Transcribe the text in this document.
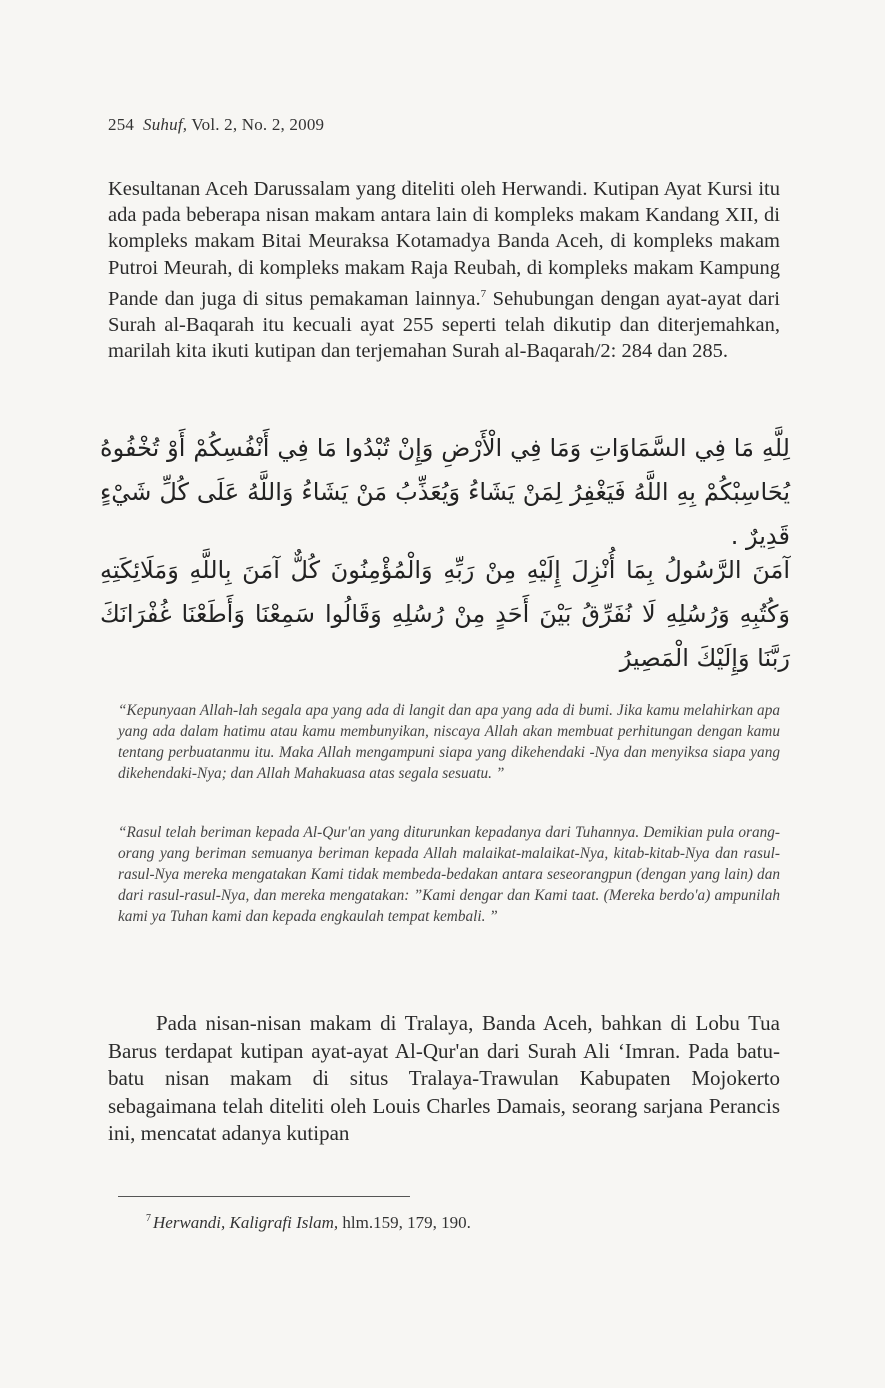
254 Suhuf, Vol. 2, No. 2, 2009
Kesultanan Aceh Darussalam yang diteliti oleh Herwandi. Kutipan Ayat Kursi itu ada pada beberapa nisan makam antara lain di kompleks makam Kandang XII, di kompleks makam Bitai Meuraksa Kotamadya Banda Aceh, di kompleks makam Putroi Meurah, di kompleks makam Raja Reubah, di kompleks makam Kampung Pande dan juga di situs pemakaman lainnya.$^7$ Sehubungan dengan ayat-ayat dari Surah al-Baqarah itu kecuali ayat 255 seperti telah dikutip dan diterjemahkan, marilah kita ikuti kutipan dan terjemahan Surah al-Baqarah/2: 284 dan 285.
لِلَّهِ مَا فِي السَّمَاوَاتِ وَمَا فِي الْأَرْضِ وَإِنْ تُبْدُوا مَا فِي أَنْفُسِكُمْ أَوْ تُخْفُوهُ يُحَاسِبْكُمْ بِهِ اللَّهُ فَيَغْفِرُ لِمَنْ يَشَاءُ وَيُعَذِّبُ مَنْ يَشَاءُ وَاللَّهُ عَلَى كُلِّ شَيْءٍ قَدِيرٌ .
آمَنَ الرَّسُولُ بِمَا أُنْزِلَ إِلَيْهِ مِنْ رَبِّهِ وَالْمُؤْمِنُونَ كُلٌّ آمَنَ بِاللَّهِ وَمَلَائِكَتِهِ وَكُتُبِهِ وَرُسُلِهِ لَا نُفَرِّقُ بَيْنَ أَحَدٍ مِنْ رُسُلِهِ وَقَالُوا سَمِعْنَا وَأَطَعْنَا غُفْرَانَكَ رَبَّنَا وَإِلَيْكَ الْمَصِيرُ
“Kepunyaan Allah-lah segala apa yang ada di langit dan apa yang ada di bumi. Jika kamu melahirkan apa yang ada dalam hatimu atau kamu membunyikan, niscaya Allah akan membuat perhitungan dengan kamu tentang perbuatanmu itu. Maka Allah mengampuni siapa yang dikehendaki -Nya dan menyiksa siapa yang dikehendaki-Nya; dan Allah Mahakuasa atas segala sesuatu. ”
“Rasul telah beriman kepada Al-Qur'an yang diturunkan kepadanya dari Tuhannya. Demikian pula orang-orang yang beriman semuanya beriman kepada Allah malaikat-malaikat-Nya, kitab-kitab-Nya dan rasul-rasul-Nya mereka mengatakan Kami tidak membeda-bedakan antara seseorangpun (dengan yang lain) dan dari rasul-rasul-Nya, dan mereka mengatakan: ”Kami dengar dan Kami taat. (Mereka berdo'a) ampunilah kami ya Tuhan kami dan kepada engkaulah tempat kembali. ”
Pada nisan-nisan makam di Tralaya, Banda Aceh, bahkan di Lobu Tua Barus terdapat kutipan ayat-ayat Al-Qur'an dari Surah Ali ‘Imran. Pada batu-batu nisan makam di situs Tralaya-Trawulan Kabupaten Mojokerto sebagaimana telah diteliti oleh Louis Charles Damais, seorang sarjana Perancis ini, mencatat adanya kutipan
$^7$ Herwandi, Kaligrafi Islam, hlm.159, 179, 190.
